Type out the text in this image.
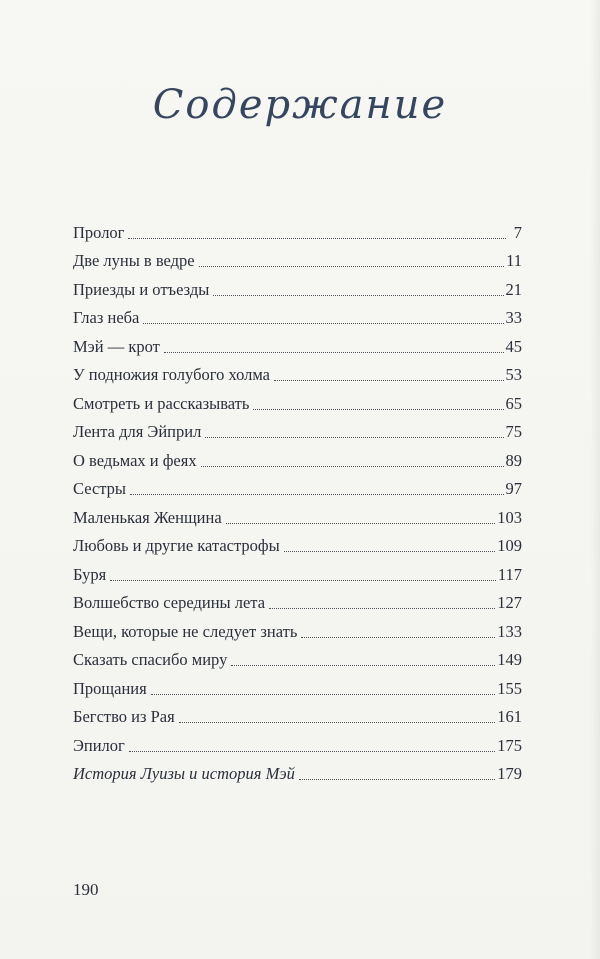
Содержание
Пролог	7
Две луны в ведре	11
Приезды и отъезды	21
Глаз неба	33
Мэй — крот	45
У подножия голубого холма	53
Смотреть и рассказывать	65
Лента для Эйприл	75
О ведьмах и феях	89
Сестры	97
Маленькая Женщина	103
Любовь и другие катастрофы	109
Буря	117
Волшебство середины лета	127
Вещи, которые не следует знать	133
Сказать спасибо миру	149
Прощания	155
Бегство из Рая	161
Эпилог	175
История Луизы и история Мэй	179
190
